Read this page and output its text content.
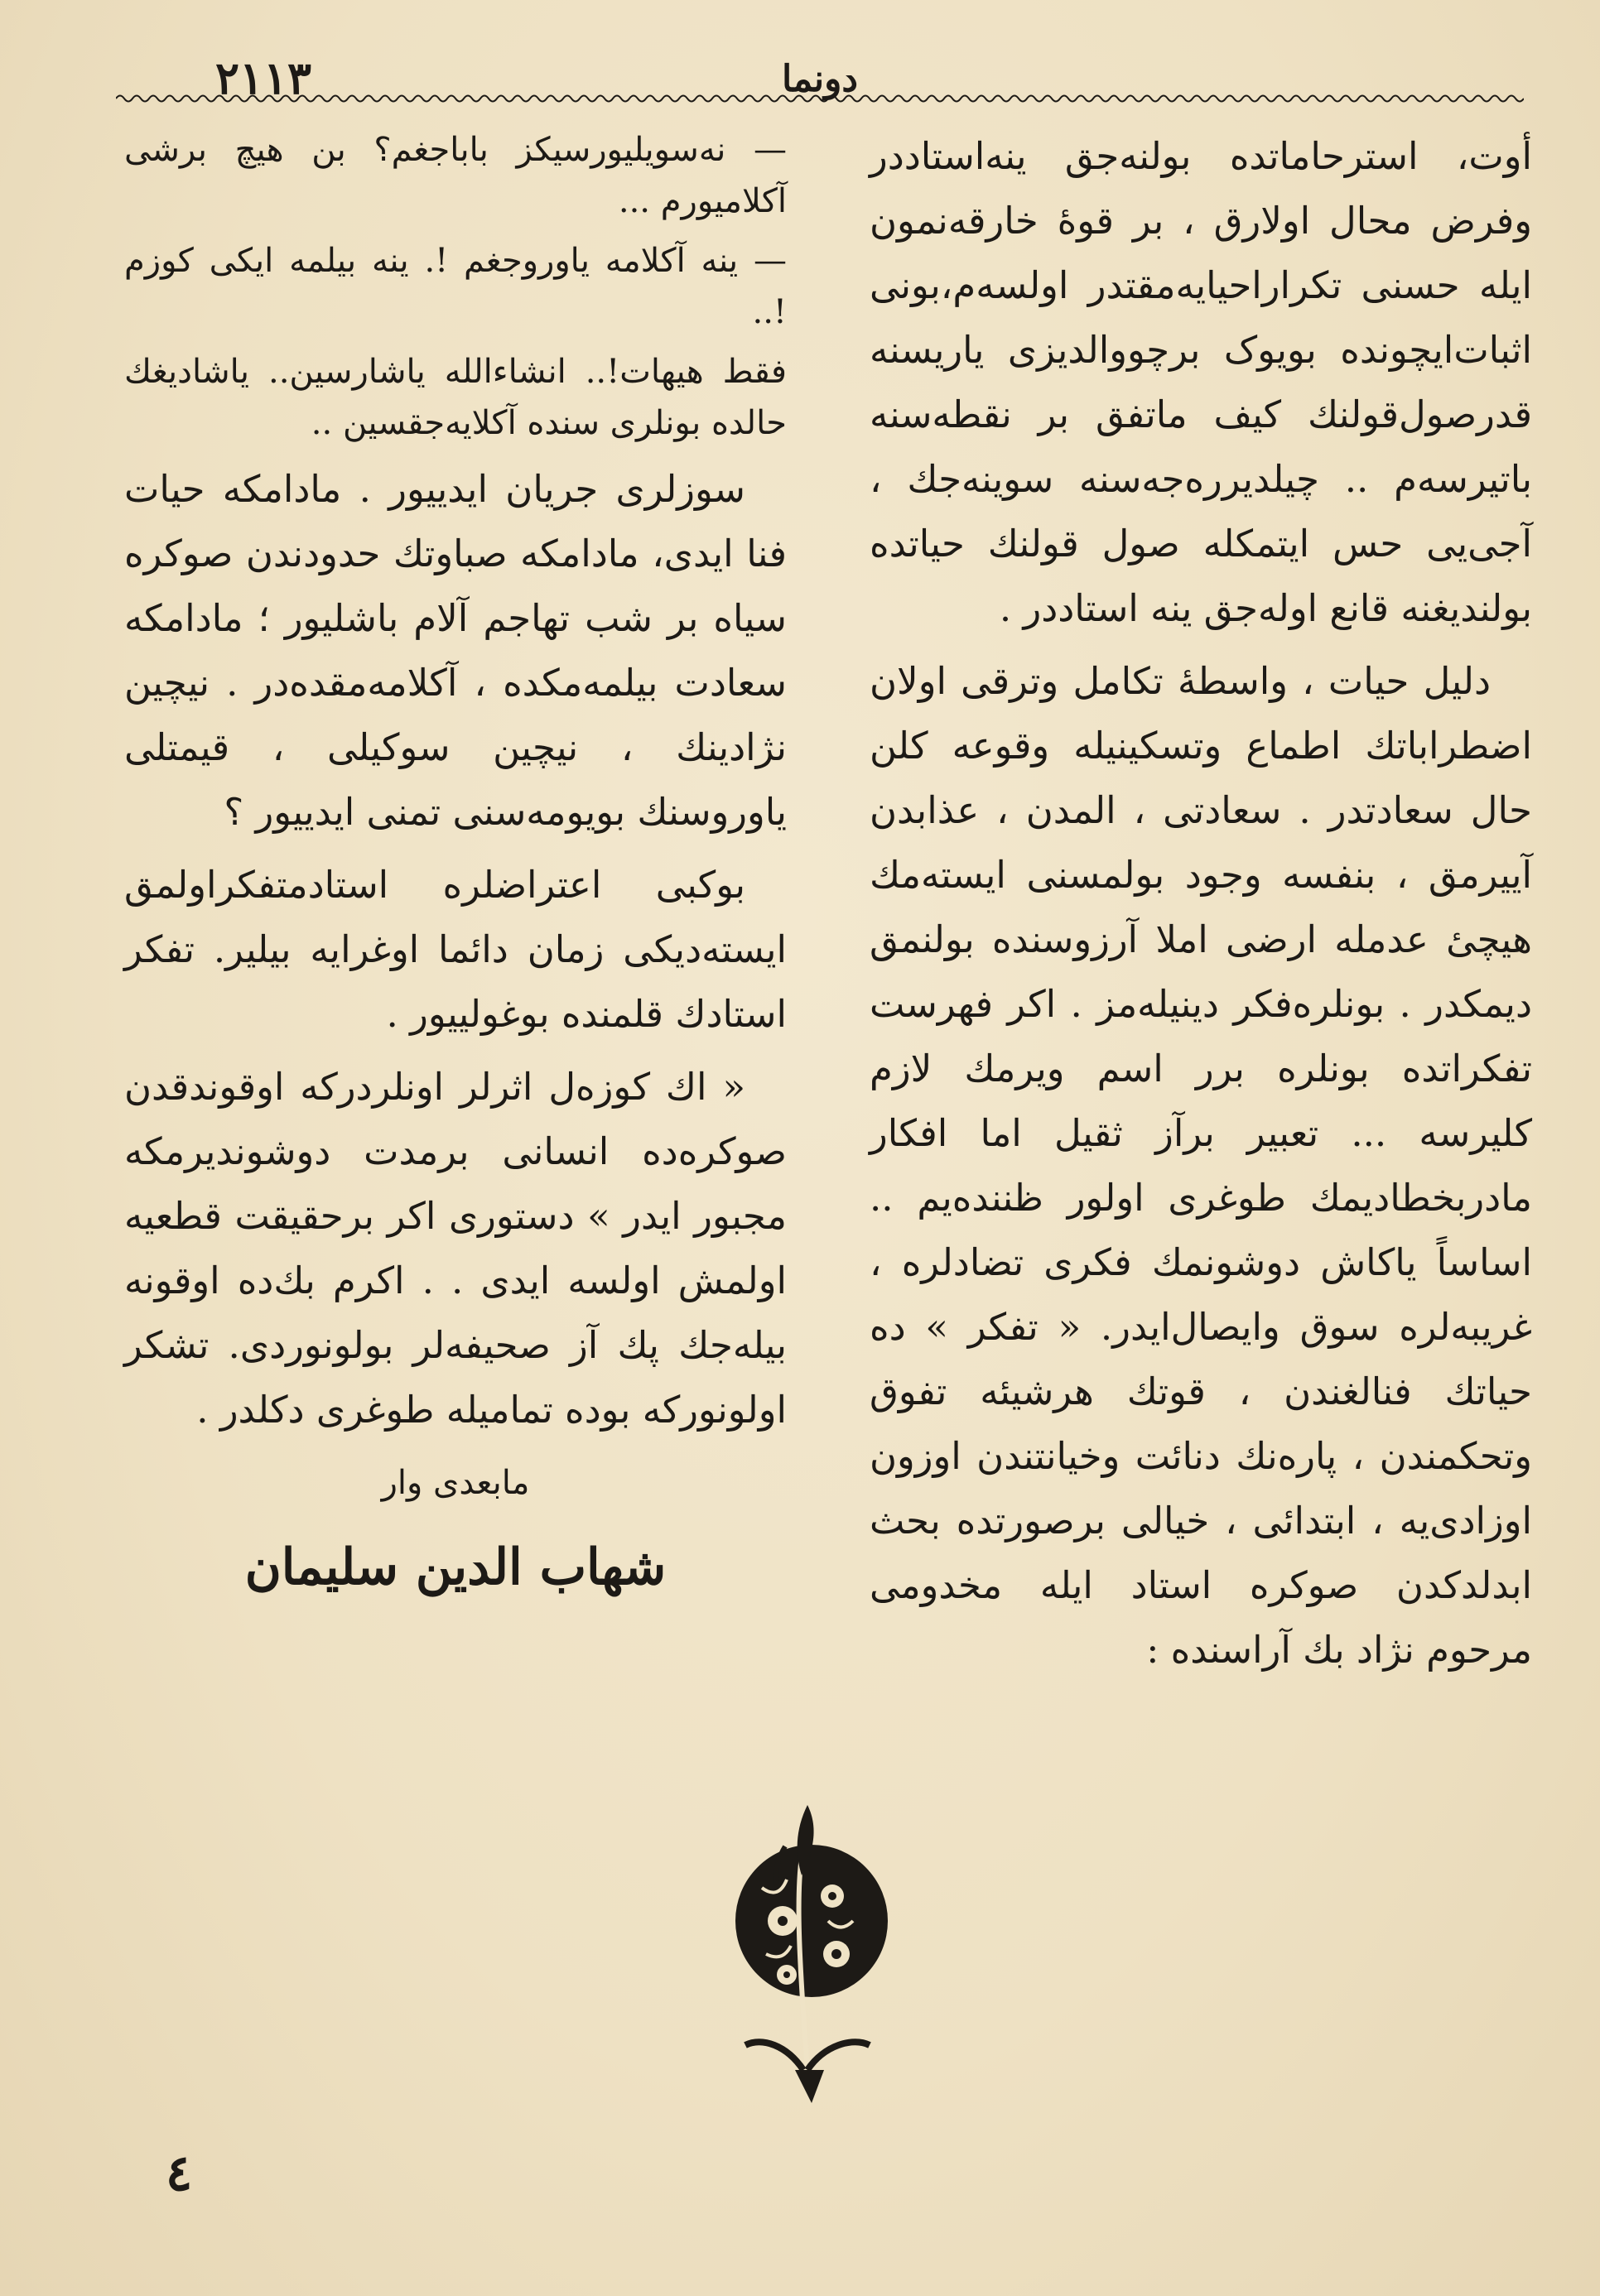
٢١١٣	دونما

أوت، استرحاماتده بولنه‌جق ینه‌استاددر وفرض محال اولارق ، بر قوهٔ خارقه‌نمون ایله حسنی تکراراحیایه‌مقتدر اولسه‌م،بونی اثبات‌ایچونده بویوک برچووالدیزی یاریسنه قدرصول‌قولنك کیف ماتفق بر نقطه‌سنه باتیرسه‌م .. چیلدیرره‌جه‌سنه سوینه‌جك ، آجی‌یی حس ایتمکله صول قولنك حیاتده بولندیغنه قانع اوله‌جق ینه استاددر .

دلیل حیات ، واسطهٔ تکامل وترقی اولان اضطراباتك اطماع وتسکینیله وقوعه کلن حال سعادتدر . سعادتی ، المدن ، عذابدن آییرمق ، بنفسه وجود بولمسنی ایسته‌مك هیچیٔ عدمله ارضی املا آرزوسنده بولنمق دیمکدر . بونلره‌فکر دینیله‌مز . اکر فهرست تفکراتده بونلره برر اسم ویرمك لازم کلیرسه ... تعبیر برآز ثقیل اما افکار مادربخطادیمك طوغری اولور ظننده‌یم .. اساساً یاکاش دوشونمك فکری تضادلره ، غریبه‌لره سوق وایصال‌ایدر. « تفکر » ده حیاتك فنالغندن ، قوتك هرشیئه تفوق وتحکمندن ، پاره‌نك دنائت وخیانتندن اوزون اوزادی‌یه ، ابتدائی ، خیالی برصورتده بحث ابدلدکدن صوکره استاد ایله مخدومی مرحوم نژاد بك آراسنده :

— نه‌سویلیورسیکز باباجغم؟ بن هیچ برشی آکلامیورم ...

— ینه آکلامه یاوروجغم !. ینه بیلمه ایکی کوزم !..

فقط هیهات!.. انشاءالله یاشارسین.. یاشادیغك حالده بونلری سنده آکلایه‌جقسین ..

سوزلری جریان ایدییور . مادامکه حیات فنا ایدی، مادامکه صباوتك حدودندن صوکره سیاه بر شب تهاجم آلام باشلیور ؛ مادامکه سعادت بیلمه‌مکده ، آکلامه‌مقده‌در . نیچین نژادینك ، نیچین سوکیلی ، قیمتلی یاوروسنك بویومه‌سنی تمنی ایدییور ؟

بوکبی اعتراضلره استادمتفکراولمق ایسته‌دیکی زمان دائما اوغرایه بیلیر. تفکر استادك قلمنده بوغولییور .

« اك کوزه‌ل اثرلر اونلردرکه اوقوندقدن صوکره‌ده انسانی برمدت دوشوندیرمکه مجبور ایدر » دستوری اکر برحقیقت قطعیه اولمش اولسه ایدی . . اکرم بك‌ده اوقونه بیله‌جك پك آز صحیفه‌لر بولونوردی. تشکر اولونورکه بوده تماميله طوغری دکلدر .

مابعدی وار

شهاب الدین سلیمان

٤
